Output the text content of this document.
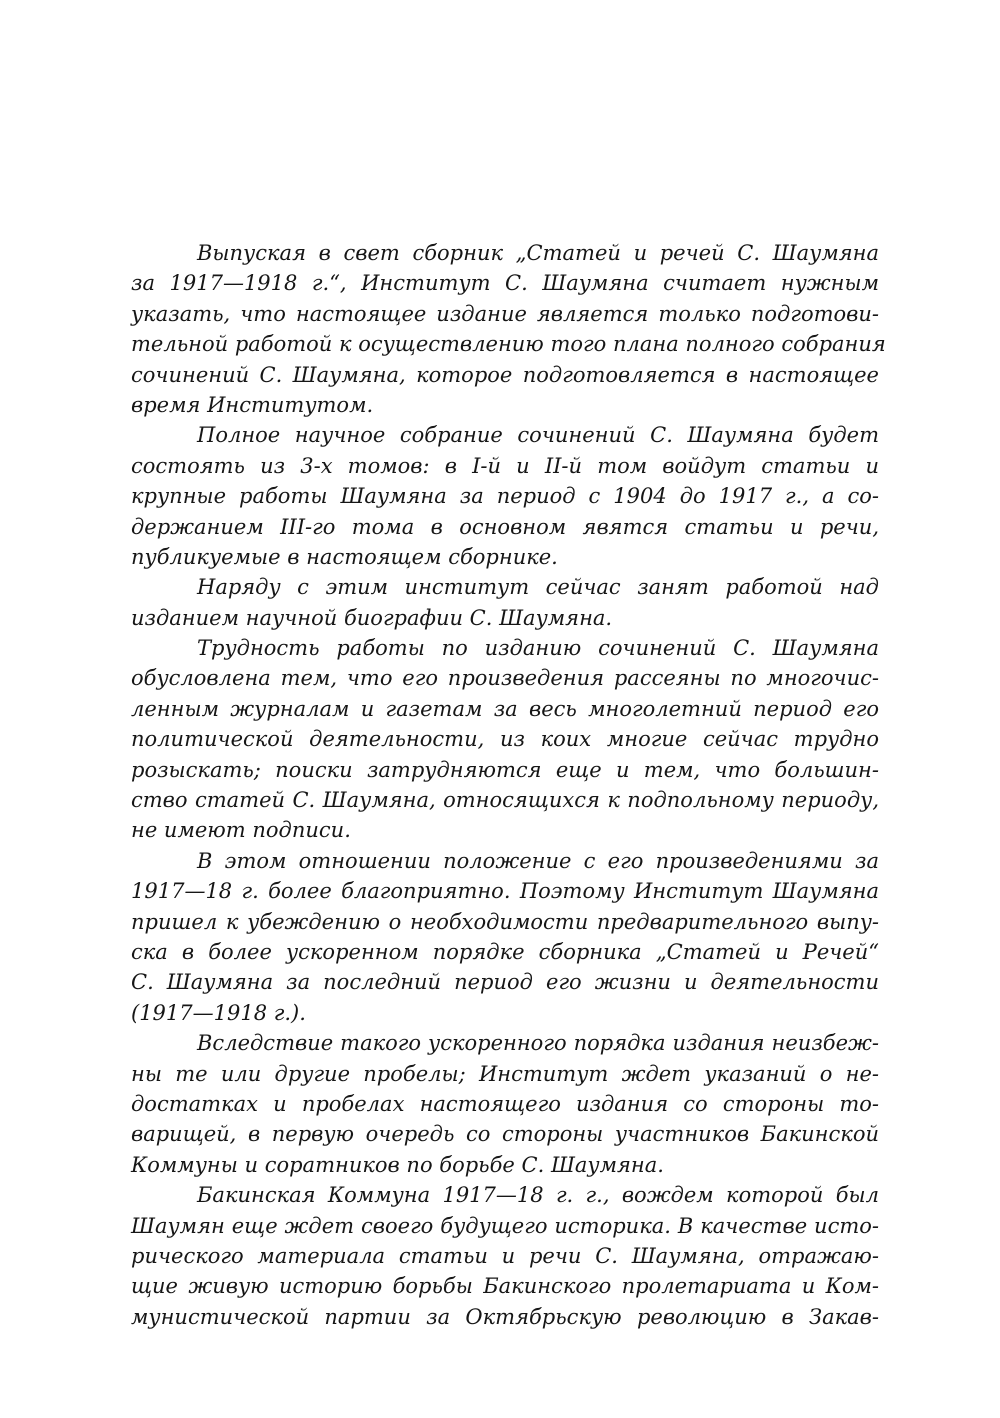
Выпуская в свет сборник „Статей и речей С. Шаумяна
за 1917—1918 г.“, Институт С. Шаумяна считает нужным
указать, что настоящее издание является только подготови-
тельной работой к осуществлению того плана полного собрания
сочинений С. Шаумяна, которое подготовляется в настоящее
время Институтом.
Полное научное собрание сочинений С. Шаумяна будет
состоять из 3-х томов: в I-й и II-й том войдут статьи и
крупные работы Шаумяна за период с 1904 до 1917 г., а со-
держанием III-го тома в основном явятся статьи и речи,
публикуемые в настоящем сборнике.
Наряду с этим институт сейчас занят работой над
изданием научной биографии С. Шаумяна.
Трудность работы по изданию сочинений С. Шаумяна
обусловлена тем, что его произведения рассеяны по многочис-
ленным журналам и газетам за весь многолетний период его
политической деятельности, из коих многие сейчас трудно
розыскать; поиски затрудняются еще и тем, что большин-
ство статей С. Шаумяна, относящихся к подпольному периоду,
не имеют подписи.
В этом отношении положение с его произведениями за
1917—18 г. более благоприятно. Поэтому Институт Шаумяна
пришел к убеждению о необходимости предварительного выпу-
ска в более ускоренном порядке сборника „Статей и Речей“
С. Шаумяна за последний период его жизни и деятельности
(1917—1918 г.).
Вследствие такого ускоренного порядка издания неизбеж-
ны те или другие пробелы; Институт ждет указаний о не-
достатках и пробелах настоящего издания со стороны то-
варищей, в первую очередь со стороны участников Бакинской
Коммуны и соратников по борьбе С. Шаумяна.
Бакинская Коммуна 1917—18 г. г., вождем которой был
Шаумян еще ждет своего будущего историка. В качестве исто-
рического материала статьи и речи С. Шаумяна, отражаю-
щие живую историю борьбы Бакинского пролетариата и Ком-
мунистической партии за Октябрьскую революцию в Закав-
